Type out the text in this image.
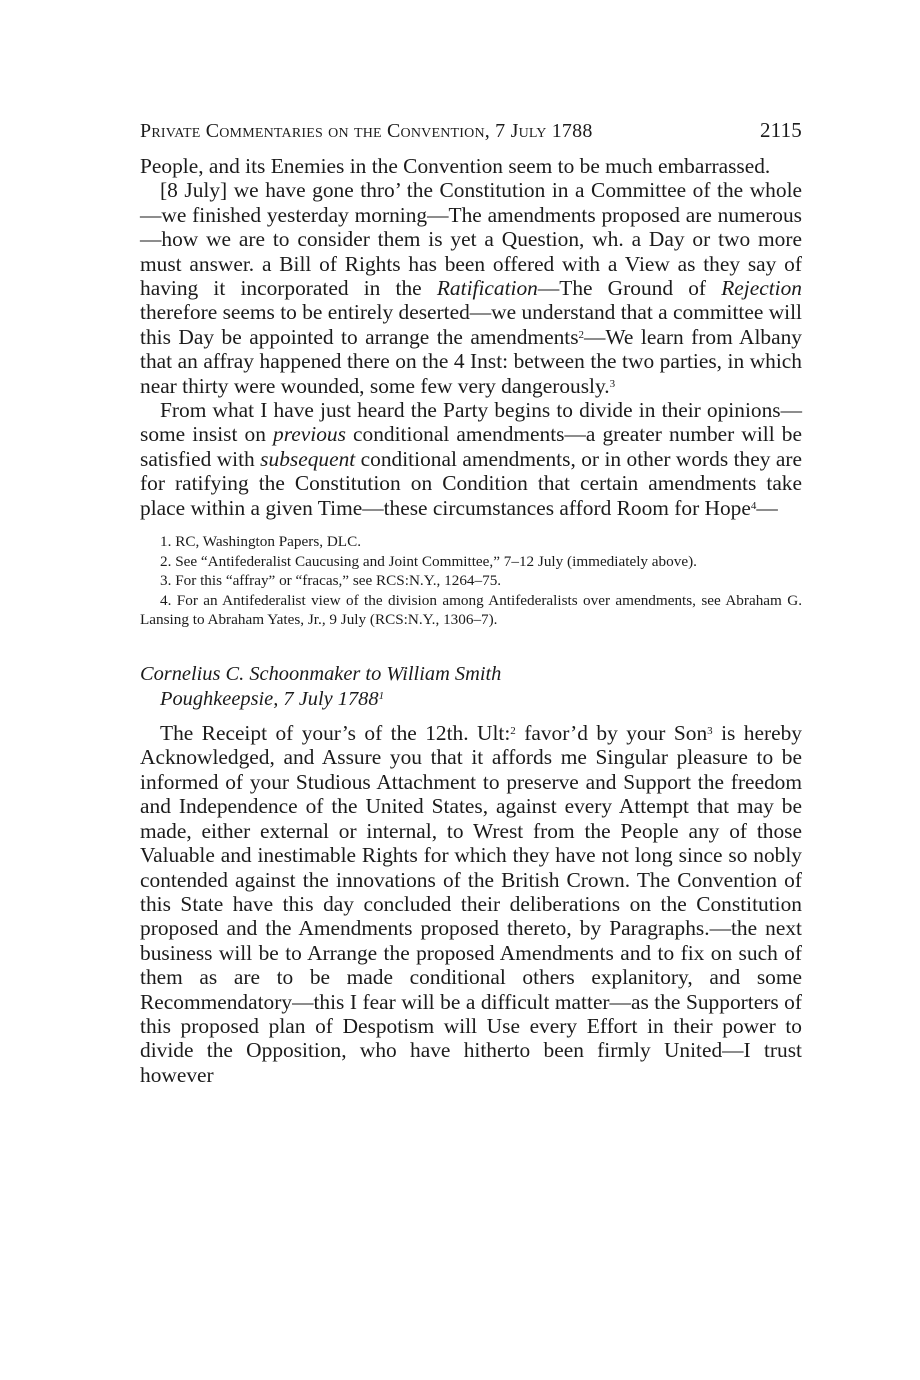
Private Commentaries on the Convention, 7 July 1788	2115

People, and its Enemies in the Convention seem to be much embarrassed.

[8 July] we have gone thro’ the Constitution in a Committee of the whole—we finished yesterday morning—The amendments proposed are numerous—how we are to consider them is yet a Question, wh. a Day or two more must answer. a Bill of Rights has been offered with a View as they say of having it incorporated in the Ratification—The Ground of Rejection therefore seems to be entirely deserted—we understand that a committee will this Day be appointed to arrange the amendments$^2$—We learn from Albany that an affray happened there on the 4 Inst: between the two parties, in which near thirty were wounded, some few very dangerously.$^3$

From what I have just heard the Party begins to divide in their opinions—some insist on previous conditional amendments—a greater number will be satisfied with subsequent conditional amendments, or in other words they are for ratifying the Constitution on Condition that certain amendments take place within a given Time—these circumstances afford Room for Hope$^4$—

1. RC, Washington Papers, DLC.

2. See “Antifederalist Caucusing and Joint Committee,” 7–12 July (immediately above).

3. For this “affray” or “fracas,” see RCS:N.Y., 1264–75.

4. For an Antifederalist view of the division among Antifederalists over amendments, see Abraham G. Lansing to Abraham Yates, Jr., 9 July (RCS:N.Y., 1306–7).

Cornelius C. Schoonmaker to William Smith
Poughkeepsie, 7 July 1788$^1$

The Receipt of your’s of the 12th. Ult:$^2$ favor’d by your Son$^3$ is hereby Acknowledged, and Assure you that it affords me Singular pleasure to be informed of your Studious Attachment to preserve and Support the freedom and Independence of the United States, against every Attempt that may be made, either external or internal, to Wrest from the People any of those Valuable and inestimable Rights for which they have not long since so nobly contended against the innovations of the British Crown. The Convention of this State have this day concluded their deliberations on the Constitution proposed and the Amendments proposed thereto, by Paragraphs.—the next business will be to Arrange the proposed Amendments and to fix on such of them as are to be made conditional others explanitory, and some Recommendatory—this I fear will be a difficult matter—as the Supporters of this proposed plan of Despotism will Use every Effort in their power to divide the Opposition, who have hitherto been firmly United—I trust however
